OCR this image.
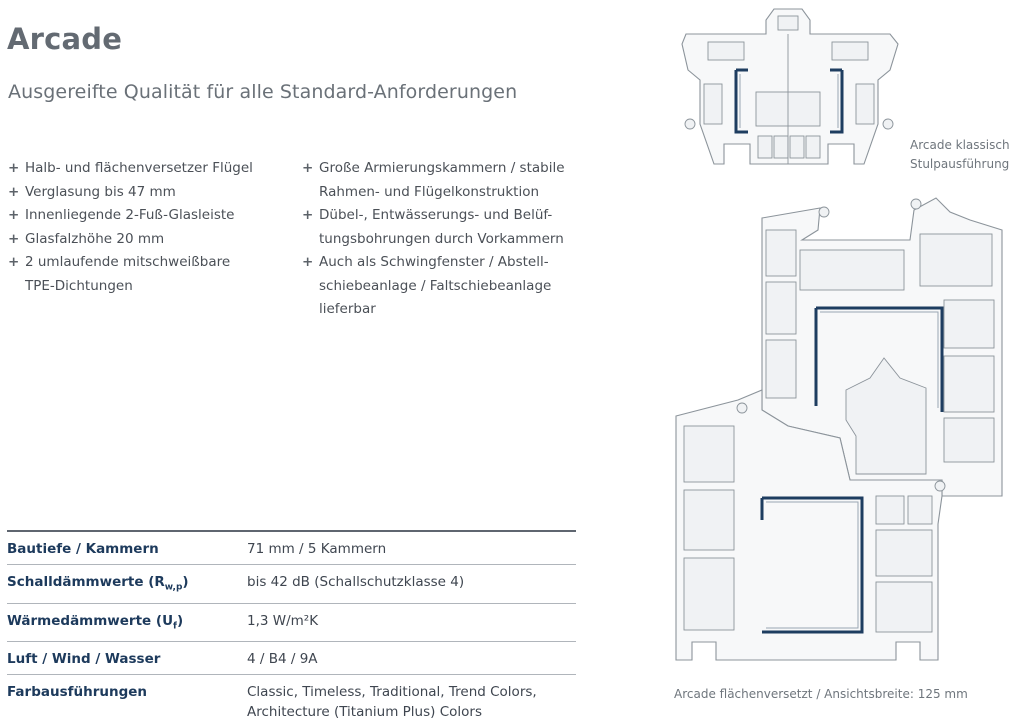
Arcade
Ausgereifte Qualität für alle Standard-Anforderungen
+ Halb- und flächenversetzer Flügel
+ Verglasung bis 47 mm
+ Innenliegende 2-Fuß-Glasleiste
+ Glasfalzhöhe 20 mm
+ 2 umlaufende mitschweißbare
TPE-Dichtungen
+ Große Armierungskammern / stabile
Rahmen- und Flügelkonstruktion
+ Dübel-, Entwässerungs- und Belüf-
tungsbohrungen durch Vorkammern
+ Auch als Schwingfenster / Abstell-
schiebeanlage / Faltschiebeanlage
lieferbar
Bautiefe / Kammern	71 mm / 5 Kammern
Schalldämmwerte $(R_{w,p})$	bis 42 dB (Schallschutzklasse 4)
Wärmedämmwerte $(U_f)$	1,3 W/m²K
Luft / Wind / Wasser	4 / B4 / 9A
Farbausführungen	Classic, Timeless, Traditional, Trend Colors,
Architecture (Titanium Plus) Colors
Arcade klassisch
Stulpausführung
Arcade flächenversetzt / Ansichtsbreite: 125 mm
